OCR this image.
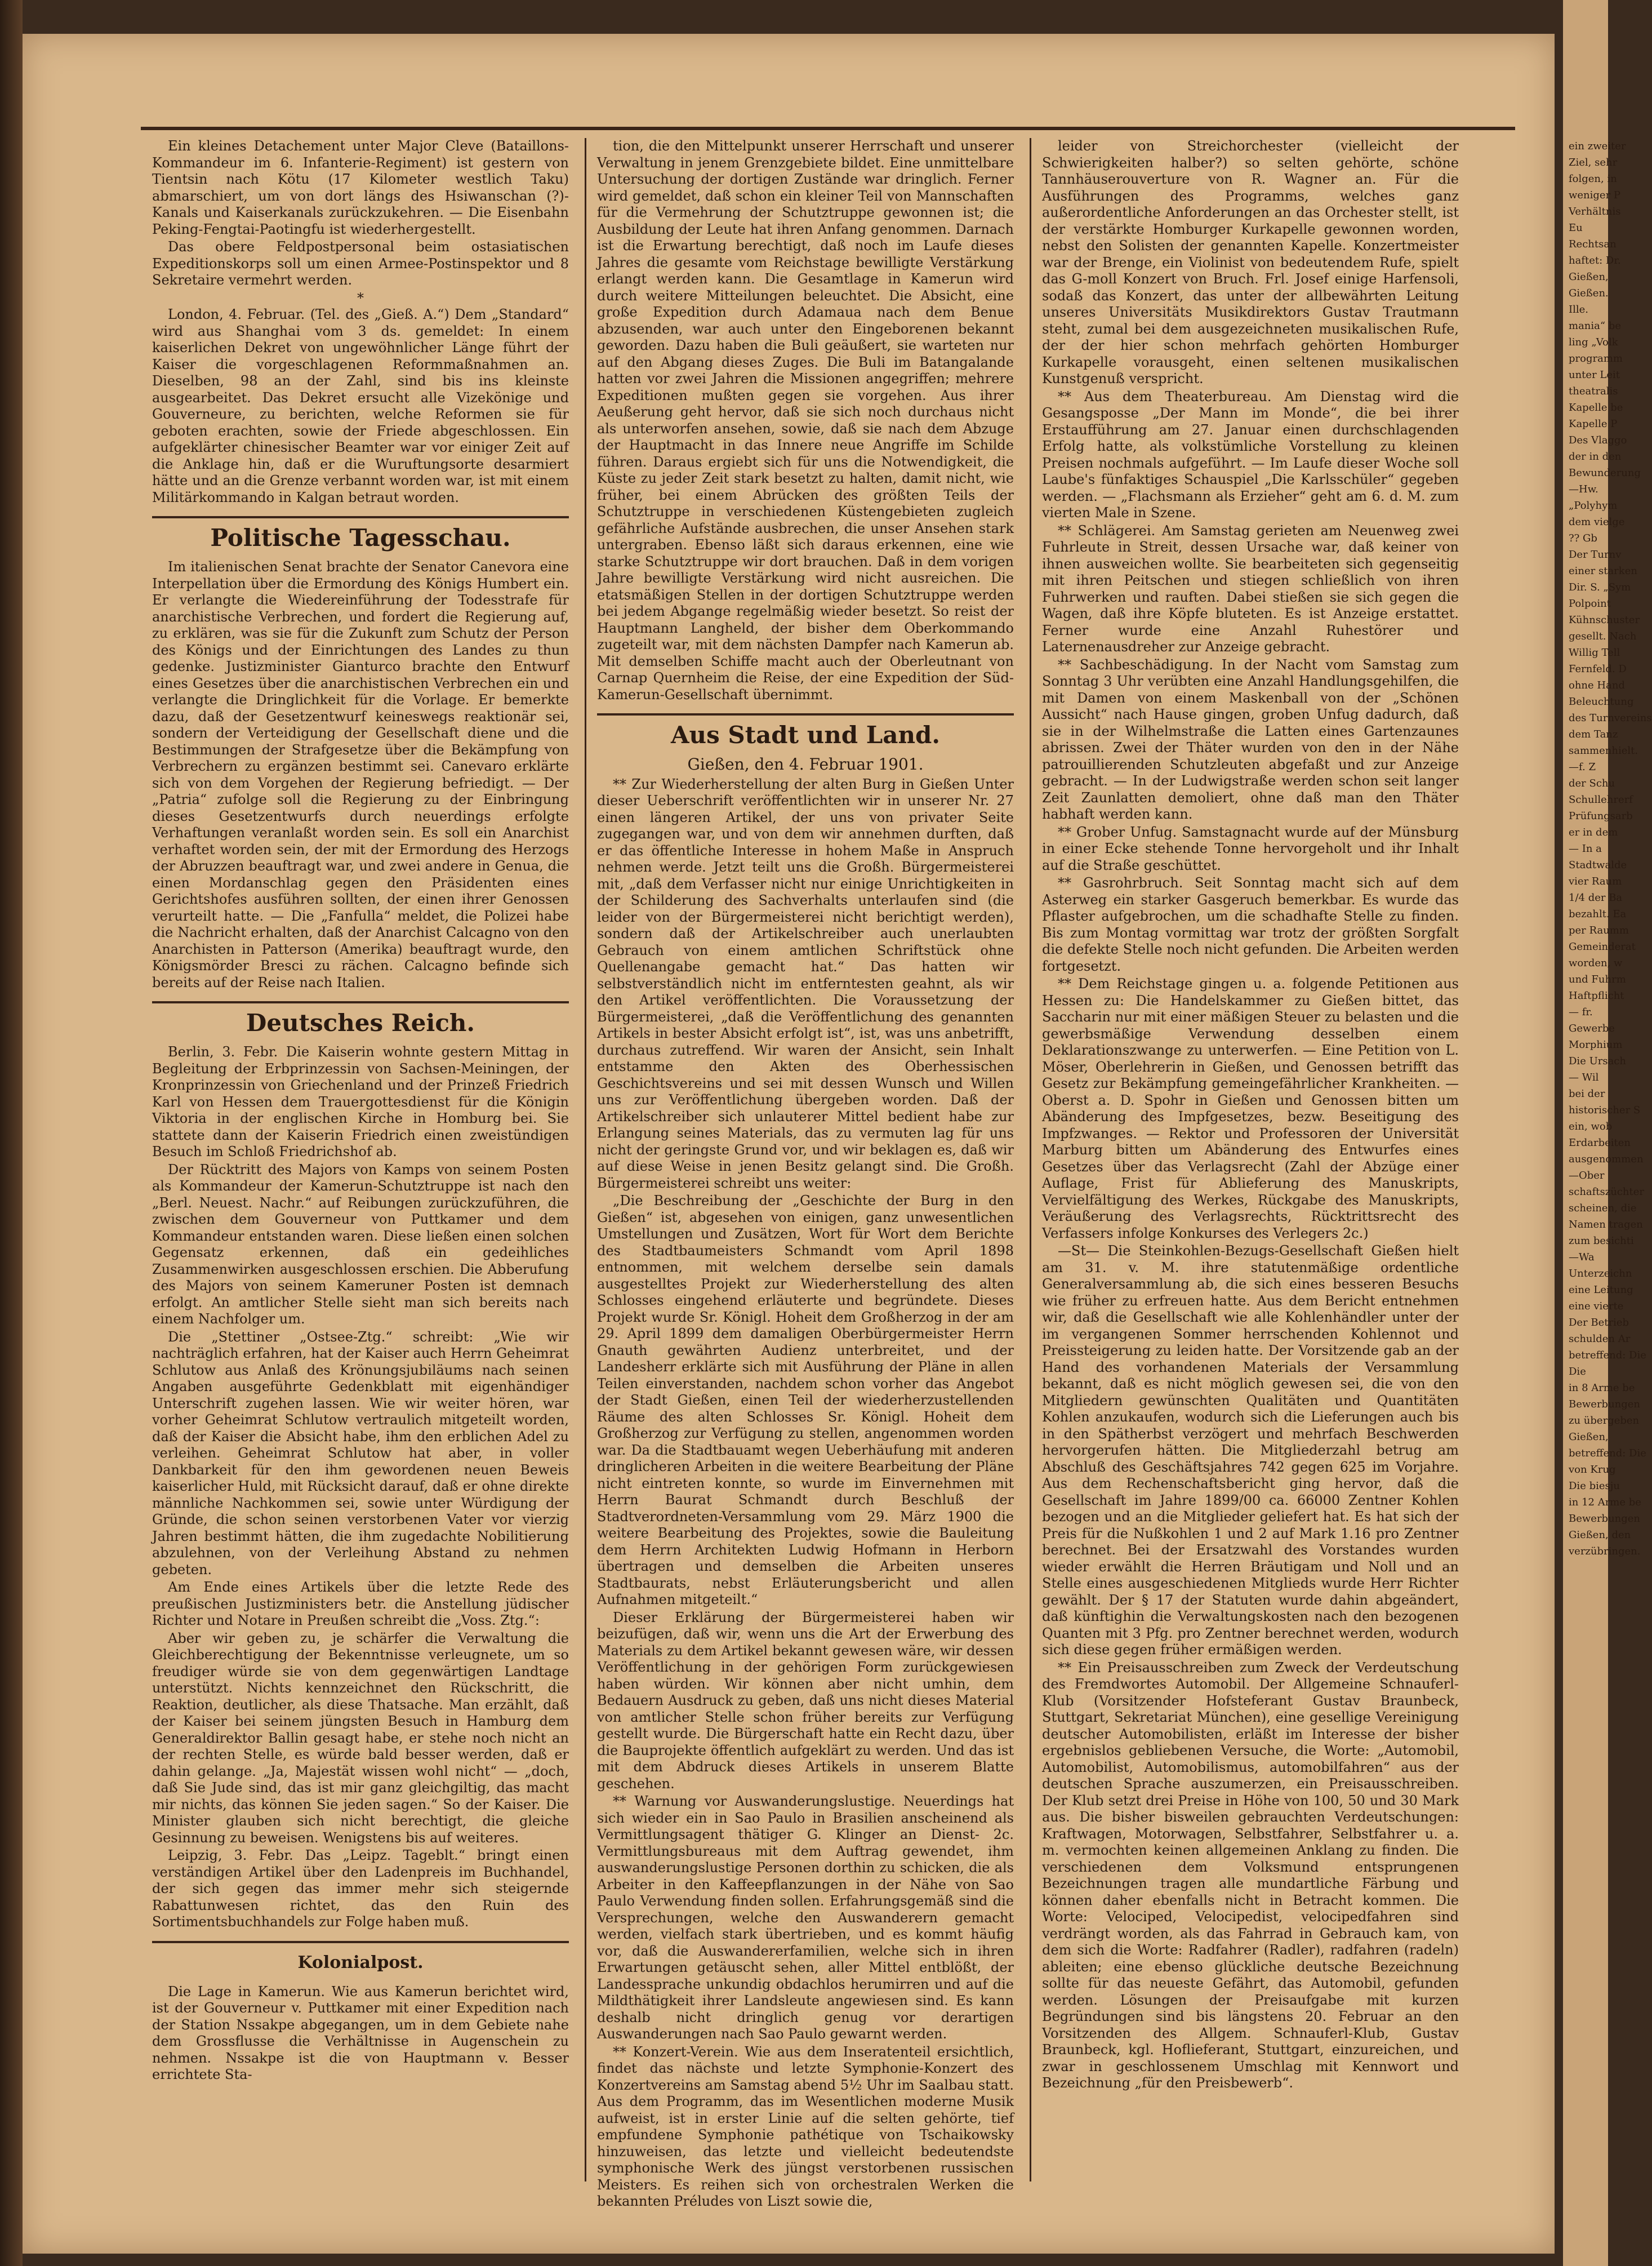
Ein kleines Detachement unter Major Cleve (Bataillons-Kommandeur im 6. Infanterie-Regiment) ist gestern von Tientsin nach Kötu (17 Kilometer westlich Taku) abmarschiert, um von dort längs des Hsiwanschan (?)-Kanals und Kaiserkanals zurückzukehren. — Die Eisenbahn Peking-Fengtai-Paotingfu ist wiederhergestellt.

Das obere Feldpostpersonal beim ostasiatischen Expeditionskorps soll um einen Armee-Postinspektor und 8 Sekretaire vermehrt werden.

*

London, 4. Februar. (Tel. des „Gieß. A.“) Dem „Standard“ wird aus Shanghai vom 3 ds. gemeldet: In einem kaiserlichen Dekret von ungewöhnlicher Länge führt der Kaiser die vorgeschlagenen Reformmaßnahmen an. Dieselben, 98 an der Zahl, sind bis ins kleinste ausgearbeitet. Das Dekret ersucht alle Vizekönige und Gouverneure, zu berichten, welche Reformen sie für geboten erachten, sowie der Friede abgeschlossen. Ein aufgeklärter chinesischer Beamter war vor einiger Zeit auf die Anklage hin, daß er die Wuruftungsorte desarmiert hätte und an die Grenze verbannt worden war, ist mit einem Militärkommando in Kalgan betraut worden.

Politische Tagesschau.

Im italienischen Senat brachte der Senator Canevora eine Interpellation über die Ermordung des Königs Humbert ein. Er verlangte die Wiedereinführung der Todesstrafe für anarchistische Verbrechen, und fordert die Regierung auf, zu erklären, was sie für die Zukunft zum Schutz der Person des Königs und der Einrichtungen des Landes zu thun gedenke. Justizminister Gianturco brachte den Entwurf eines Gesetzes über die anarchistischen Verbrechen ein und verlangte die Dringlichkeit für die Vorlage. Er bemerkte dazu, daß der Gesetzentwurf keineswegs reaktionär sei, sondern der Verteidigung der Gesellschaft diene und die Bestimmungen der Strafgesetze über die Bekämpfung von Verbrechern zu ergänzen bestimmt sei. Canevaro erklärte sich von dem Vorgehen der Regierung befriedigt. — Der „Patria“ zufolge soll die Regierung zu der Einbringung dieses Gesetzentwurfs durch neuerdings erfolgte Verhaftungen veranlaßt worden sein. Es soll ein Anarchist verhaftet worden sein, der mit der Ermordung des Herzogs der Abruzzen beauftragt war, und zwei andere in Genua, die einen Mordanschlag gegen den Präsidenten eines Gerichtshofes ausführen sollten, der einen ihrer Genossen verurteilt hatte. — Die „Fanfulla“ meldet, die Polizei habe die Nachricht erhalten, daß der Anarchist Calcagno von den Anarchisten in Patterson (Amerika) beauftragt wurde, den Königsmörder Bresci zu rächen. Calcagno befinde sich bereits auf der Reise nach Italien.

Deutsches Reich.

Berlin, 3. Febr. Die Kaiserin wohnte gestern Mittag in Begleitung der Erbprinzessin von Sachsen-Meiningen, der Kronprinzessin von Griechenland und der Prinzeß Friedrich Karl von Hessen dem Trauergottesdienst für die Königin Viktoria in der englischen Kirche in Homburg bei. Sie stattete dann der Kaiserin Friedrich einen zweistündigen Besuch im Schloß Friedrichshof ab.

Der Rücktritt des Majors von Kamps von seinem Posten als Kommandeur der Kamerun-Schutztruppe ist nach den „Berl. Neuest. Nachr.“ auf Reibungen zurückzuführen, die zwischen dem Gouverneur von Puttkamer und dem Kommandeur entstanden waren. Diese ließen einen solchen Gegensatz erkennen, daß ein gedeihliches Zusammenwirken ausgeschlossen erschien. Die Abberufung des Majors von seinem Kameruner Posten ist demnach erfolgt. An amtlicher Stelle sieht man sich bereits nach einem Nachfolger um.

Die „Stettiner „Ostsee-Ztg.“ schreibt: „Wie wir nachträglich erfahren, hat der Kaiser auch Herrn Geheimrat Schlutow aus Anlaß des Krönungsjubiläums nach seinen Angaben ausgeführte Gedenkblatt mit eigenhändiger Unterschrift zugehen lassen. Wie wir weiter hören, war vorher Geheimrat Schlutow vertraulich mitgeteilt worden, daß der Kaiser die Absicht habe, ihm den erblichen Adel zu verleihen. Geheimrat Schlutow hat aber, in voller Dankbarkeit für den ihm gewordenen neuen Beweis kaiserlicher Huld, mit Rücksicht darauf, daß er ohne direkte männliche Nachkommen sei, sowie unter Würdigung der Gründe, die schon seinen verstorbenen Vater vor vierzig Jahren bestimmt hätten, die ihm zugedachte Nobilitierung abzulehnen, von der Verleihung Abstand zu nehmen gebeten.

Am Ende eines Artikels über die letzte Rede des preußischen Justizministers betr. die Anstellung jüdischer Richter und Notare in Preußen schreibt die „Voss. Ztg.“:

Aber wir geben zu, je schärfer die Verwaltung die Gleichberechtigung der Bekenntnisse verleugnete, um so freudiger würde sie von dem gegenwärtigen Landtage unterstützt. Nichts kennzeichnet den Rückschritt, die Reaktion, deutlicher, als diese Thatsache. Man erzählt, daß der Kaiser bei seinem jüngsten Besuch in Hamburg dem Generaldirektor Ballin gesagt habe, er stehe noch nicht an der rechten Stelle, es würde bald besser werden, daß er dahin gelange. „Ja, Majestät wissen wohl nicht“ — „doch, daß Sie Jude sind, das ist mir ganz gleichgiltig, das macht mir nichts, das können Sie jeden sagen.“ So der Kaiser. Die Minister glauben sich nicht berechtigt, die gleiche Gesinnung zu beweisen. Wenigstens bis auf weiteres.

Leipzig, 3. Febr. Das „Leipz. Tageblt.“ bringt einen verständigen Artikel über den Ladenpreis im Buchhandel, der sich gegen das immer mehr sich steigernde Rabattunwesen richtet, das den Ruin des Sortimentsbuchhandels zur Folge haben muß.

Kolonialpost.

Die Lage in Kamerun. Wie aus Kamerun berichtet wird, ist der Gouverneur v. Puttkamer mit einer Expedition nach der Station Nssakpe abgegangen, um in dem Gebiete nahe dem Grossflusse die Verhältnisse in Augenschein zu nehmen. Nssakpe ist die von Hauptmann v. Besser errichtete Sta-

tion, die den Mittelpunkt unserer Herrschaft und unserer Verwaltung in jenem Grenzgebiete bildet. Eine unmittelbare Untersuchung der dortigen Zustände war dringlich. Ferner wird gemeldet, daß schon ein kleiner Teil von Mannschaften für die Vermehrung der Schutztruppe gewonnen ist; die Ausbildung der Leute hat ihren Anfang genommen. Darnach ist die Erwartung berechtigt, daß noch im Laufe dieses Jahres die gesamte vom Reichstage bewilligte Verstärkung erlangt werden kann. Die Gesamtlage in Kamerun wird durch weitere Mitteilungen beleuchtet. Die Absicht, eine große Expedition durch Adamaua nach dem Benue abzusenden, war auch unter den Eingeborenen bekannt geworden. Dazu haben die Buli geäußert, sie warteten nur auf den Abgang dieses Zuges. Die Buli im Batangalande hatten vor zwei Jahren die Missionen angegriffen; mehrere Expeditionen mußten gegen sie vorgehen. Aus ihrer Aeußerung geht hervor, daß sie sich noch durchaus nicht als unterworfen ansehen, sowie, daß sie nach dem Abzuge der Hauptmacht in das Innere neue Angriffe im Schilde führen. Daraus ergiebt sich für uns die Notwendigkeit, die Küste zu jeder Zeit stark besetzt zu halten, damit nicht, wie früher, bei einem Abrücken des größten Teils der Schutztruppe in verschiedenen Küstengebieten zugleich gefährliche Aufstände ausbrechen, die unser Ansehen stark untergraben. Ebenso läßt sich daraus erkennen, eine wie starke Schutztruppe wir dort brauchen. Daß in dem vorigen Jahre bewilligte Verstärkung wird nicht ausreichen. Die etatsmäßigen Stellen in der dortigen Schutztruppe werden bei jedem Abgange regelmäßig wieder besetzt. So reist der Hauptmann Langheld, der bisher dem Oberkommando zugeteilt war, mit dem nächsten Dampfer nach Kamerun ab. Mit demselben Schiffe macht auch der Oberleutnant von Carnap Quernheim die Reise, der eine Expedition der Süd-Kamerun-Gesellschaft übernimmt.

Aus Stadt und Land.
Gießen, den 4. Februar 1901.

** Zur Wiederherstellung der alten Burg in Gießen Unter dieser Ueberschrift veröffentlichten wir in unserer Nr. 27 einen längeren Artikel, der uns von privater Seite zugegangen war, und von dem wir annehmen durften, daß er das öffentliche Interesse in hohem Maße in Anspruch nehmen werde. Jetzt teilt uns die Großh. Bürgermeisterei mit, „daß dem Verfasser nicht nur einige Unrichtigkeiten in der Schilderung des Sachverhalts unterlaufen sind (die leider von der Bürgermeisterei nicht berichtigt werden), sondern daß der Artikelschreiber auch unerlaubten Gebrauch von einem amtlichen Schriftstück ohne Quellenangabe gemacht hat.“ Das hatten wir selbstverständlich nicht im entferntesten geahnt, als wir den Artikel veröffentlichten. Die Voraussetzung der Bürgermeisterei, „daß die Veröffentlichung des genannten Artikels in bester Absicht erfolgt ist“, ist, was uns anbetrifft, durchaus zutreffend. Wir waren der Ansicht, sein Inhalt entstamme den Akten des Oberhessischen Geschichtsvereins und sei mit dessen Wunsch und Willen uns zur Veröffentlichung übergeben worden. Daß der Artikelschreiber sich unlauterer Mittel bedient habe zur Erlangung seines Materials, das zu vermuten lag für uns nicht der geringste Grund vor, und wir beklagen es, daß wir auf diese Weise in jenen Besitz gelangt sind. Die Großh. Bürgermeisterei schreibt uns weiter:

„Die Beschreibung der „Geschichte der Burg in den Gießen“ ist, abgesehen von einigen, ganz unwesentlichen Umstellungen und Zusätzen, Wort für Wort dem Berichte des Stadtbaumeisters Schmandt vom April 1898 entnommen, mit welchem derselbe sein damals ausgestelltes Projekt zur Wiederherstellung des alten Schlosses eingehend erläuterte und begründete. Dieses Projekt wurde Sr. Königl. Hoheit dem Großherzog in der am 29. April 1899 dem damaligen Oberbürgermeister Herrn Gnauth gewährten Audienz unterbreitet, und der Landesherr erklärte sich mit Ausführung der Pläne in allen Teilen einverstanden, nachdem schon vorher das Angebot der Stadt Gießen, einen Teil der wiederherzustellenden Räume des alten Schlosses Sr. Königl. Hoheit dem Großherzog zur Verfügung zu stellen, angenommen worden war. Da die Stadtbauamt wegen Ueberhäufung mit anderen dringlicheren Arbeiten in die weitere Bearbeitung der Pläne nicht eintreten konnte, so wurde im Einvernehmen mit Herrn Baurat Schmandt durch Beschluß der Stadtverordneten-Versammlung vom 29. März 1900 die weitere Bearbeitung des Projektes, sowie die Bauleitung dem Herrn Architekten Ludwig Hofmann in Herborn übertragen und demselben die Arbeiten unseres Stadtbaurats, nebst Erläuterungsbericht und allen Aufnahmen mitgeteilt.“

Dieser Erklärung der Bürgermeisterei haben wir beizufügen, daß wir, wenn uns die Art der Erwerbung des Materials zu dem Artikel bekannt gewesen wäre, wir dessen Veröffentlichung in der gehörigen Form zurückgewiesen haben würden. Wir können aber nicht umhin, dem Bedauern Ausdruck zu geben, daß uns nicht dieses Material von amtlicher Stelle schon früher bereits zur Verfügung gestellt wurde. Die Bürgerschaft hatte ein Recht dazu, über die Bauprojekte öffentlich aufgeklärt zu werden. Und das ist mit dem Abdruck dieses Artikels in unserem Blatte geschehen.

** Warnung vor Auswanderungslustige. Neuerdings hat sich wieder ein in Sao Paulo in Brasilien anscheinend als Vermittlungsagent thätiger G. Klinger an Dienst- 2c. Vermittlungsbureaus mit dem Auftrag gewendet, ihm auswanderungslustige Personen dorthin zu schicken, die als Arbeiter in den Kaffeepflanzungen in der Nähe von Sao Paulo Verwendung finden sollen. Erfahrungsgemäß sind die Versprechungen, welche den Auswanderern gemacht werden, vielfach stark übertrieben, und es kommt häufig vor, daß die Auswandererfamilien, welche sich in ihren Erwartungen getäuscht sehen, aller Mittel entblößt, der Landessprache unkundig obdachlos herumirren und auf die Mildthätigkeit ihrer Landsleute angewiesen sind. Es kann deshalb nicht dringlich genug vor derartigen Auswanderungen nach Sao Paulo gewarnt werden.

** Konzert-Verein. Wie aus dem Inseratenteil ersichtlich, findet das nächste und letzte Symphonie-Konzert des Konzertvereins am Samstag abend 5½ Uhr im Saalbau statt. Aus dem Programm, das im Wesentlichen moderne Musik aufweist, ist in erster Linie auf die selten gehörte, tief empfundene Symphonie pathétique von Tschaikowsky hinzuweisen, das letzte und vielleicht bedeutendste symphonische Werk des jüngst verstorbenen russischen Meisters. Es reihen sich von orchestralen Werken die bekannten Préludes von Liszt sowie die,

leider von Streichorchester (vielleicht der Schwierigkeiten halber?) so selten gehörte, schöne Tannhäuserouverture von R. Wagner an. Für die Ausführungen des Programms, welches ganz außerordentliche Anforderungen an das Orchester stellt, ist der verstärkte Homburger Kurkapelle gewonnen worden, nebst den Solisten der genannten Kapelle. Konzertmeister war der Brenge, ein Violinist von bedeutendem Rufe, spielt das G-moll Konzert von Bruch. Frl. Josef einige Harfensoli, sodaß das Konzert, das unter der allbewährten Leitung unseres Universitäts Musikdirektors Gustav Trautmann steht, zumal bei dem ausgezeichneten musikalischen Rufe, der der hier schon mehrfach gehörten Homburger Kurkapelle vorausgeht, einen seltenen musikalischen Kunstgenuß verspricht.

** Aus dem Theaterbureau. Am Dienstag wird die Gesangsposse „Der Mann im Monde“, die bei ihrer Erstaufführung am 27. Januar einen durchschlagenden Erfolg hatte, als volkstümliche Vorstellung zu kleinen Preisen nochmals aufgeführt. — Im Laufe dieser Woche soll Laube's fünfaktiges Schauspiel „Die Karlsschüler“ gegeben werden. — „Flachsmann als Erzieher“ geht am 6. d. M. zum vierten Male in Szene.

** Schlägerei. Am Samstag gerieten am Neuenweg zwei Fuhrleute in Streit, dessen Ursache war, daß keiner von ihnen ausweichen wollte. Sie bearbeiteten sich gegenseitig mit ihren Peitschen und stiegen schließlich von ihren Fuhrwerken und rauften. Dabei stießen sie sich gegen die Wagen, daß ihre Köpfe bluteten. Es ist Anzeige erstattet. Ferner wurde eine Anzahl Ruhestörer und Laternenausdreher zur Anzeige gebracht.

** Sachbeschädigung. In der Nacht vom Samstag zum Sonntag 3 Uhr verübten eine Anzahl Handlungsgehilfen, die mit Damen von einem Maskenball von der „Schönen Aussicht“ nach Hause gingen, groben Unfug dadurch, daß sie in der Wilhelmstraße die Latten eines Gartenzaunes abrissen. Zwei der Thäter wurden von den in der Nähe patrouillierenden Schutzleuten abgefaßt und zur Anzeige gebracht. — In der Ludwigstraße werden schon seit langer Zeit Zaunlatten demoliert, ohne daß man den Thäter habhaft werden kann.

** Grober Unfug. Samstagnacht wurde auf der Münsburg in einer Ecke stehende Tonne hervorgeholt und ihr Inhalt auf die Straße geschüttet.

** Gasrohrbruch. Seit Sonntag macht sich auf dem Asterweg ein starker Gasgeruch bemerkbar. Es wurde das Pflaster aufgebrochen, um die schadhafte Stelle zu finden. Bis zum Montag vormittag war trotz der größten Sorgfalt die defekte Stelle noch nicht gefunden. Die Arbeiten werden fortgesetzt.

** Dem Reichstage gingen u. a. folgende Petitionen aus Hessen zu: Die Handelskammer zu Gießen bittet, das Saccharin nur mit einer mäßigen Steuer zu belasten und die gewerbsmäßige Verwendung desselben einem Deklarationszwange zu unterwerfen. — Eine Petition von L. Möser, Oberlehrerin in Gießen, und Genossen betrifft das Gesetz zur Bekämpfung gemeingefährlicher Krankheiten. — Oberst a. D. Spohr in Gießen und Genossen bitten um Abänderung des Impfgesetzes, bezw. Beseitigung des Impfzwanges. — Rektor und Professoren der Universität Marburg bitten um Abänderung des Entwurfes eines Gesetzes über das Verlagsrecht (Zahl der Abzüge einer Auflage, Frist für Ablieferung des Manuskripts, Vervielfältigung des Werkes, Rückgabe des Manuskripts, Veräußerung des Verlagsrechts, Rücktrittsrecht des Verfassers infolge Konkurses des Verlegers 2c.)

—St— Die Steinkohlen-Bezugs-Gesellschaft Gießen hielt am 31. v. M. ihre statutenmäßige ordentliche Generalversammlung ab, die sich eines besseren Besuchs wie früher zu erfreuen hatte. Aus dem Bericht entnehmen wir, daß die Gesellschaft wie alle Kohlenhändler unter der im vergangenen Sommer herrschenden Kohlennot und Preissteigerung zu leiden hatte. Der Vorsitzende gab an der Hand des vorhandenen Materials der Versammlung bekannt, daß es nicht möglich gewesen sei, die von den Mitgliedern gewünschten Qualitäten und Quantitäten Kohlen anzukaufen, wodurch sich die Lieferungen auch bis in den Spätherbst verzögert und mehrfach Beschwerden hervorgerufen hätten. Die Mitgliederzahl betrug am Abschluß des Geschäftsjahres 742 gegen 625 im Vorjahre. Aus dem Rechenschaftsbericht ging hervor, daß die Gesellschaft im Jahre 1899/00 ca. 66000 Zentner Kohlen bezogen und an die Mitglieder geliefert hat. Es hat sich der Preis für die Nußkohlen 1 und 2 auf Mark 1.16 pro Zentner berechnet. Bei der Ersatzwahl des Vorstandes wurden wieder erwählt die Herren Bräutigam und Noll und an Stelle eines ausgeschiedenen Mitglieds wurde Herr Richter gewählt. Der § 17 der Statuten wurde dahin abgeändert, daß künftighin die Verwaltungskosten nach den bezogenen Quanten mit 3 Pfg. pro Zentner berechnet werden, wodurch sich diese gegen früher ermäßigen werden.

** Ein Preisausschreiben zum Zweck der Verdeutschung des Fremdwortes Automobil. Der Allgemeine Schnauferl-Klub (Vorsitzender Hofsteferant Gustav Braunbeck, Stuttgart, Sekretariat München), eine gesellige Vereinigung deutscher Automobilisten, erläßt im Interesse der bisher ergebnislos gebliebenen Versuche, die Worte: „Automobil, Automobilist, Automobilismus, automobilfahren“ aus der deutschen Sprache auszumerzen, ein Preisausschreiben. Der Klub setzt drei Preise in Höhe von 100, 50 und 30 Mark aus. Die bisher bisweilen gebrauchten Verdeutschungen: Kraftwagen, Motorwagen, Selbstfahrer, Selbstfahrer u. a. m. vermochten keinen allgemeinen Anklang zu finden. Die verschiedenen dem Volksmund entsprungenen Bezeichnungen tragen alle mundartliche Färbung und können daher ebenfalls nicht in Betracht kommen. Die Worte: Velociped, Velocipedist, velocipedfahren sind verdrängt worden, als das Fahrrad in Gebrauch kam, von dem sich die Worte: Radfahrer (Radler), radfahren (radeln) ableiten; eine ebenso glückliche deutsche Bezeichnung sollte für das neueste Gefährt, das Automobil, gefunden werden. Lösungen der Preisaufgabe mit kurzen Begründungen sind bis längstens 20. Februar an den Vorsitzenden des Allgem. Schnauferl-Klub, Gustav Braunbeck, kgl. Hoflieferant, Stuttgart, einzureichen, und zwar in geschlossenem Umschlag mit Kennwort und Bezeichnung „für den Preisbewerb“.

ein zweiter
Ziel, sehr
folgen, in
weniger P
Verhältnis
Eu
Rechtsan
haftet: Dr.
Gießen,
Gießen.
Ille.
mania“ be
ling „Volk
programm
unter Leit
theatralis
Kapelle be
Kapelle P
Des Vlaggo
der in den
Bewunderung
—Hw.
„Polyhym
dem vielge
?? Gb
Der Turnv
einer starken
Dir. S. „Sym
Polpoint
Kühnschuster
gesellt. Nach
Willig Tell
Fernfeld. D
ohne Hand
Beleuchtung
des Turnvereins
dem Tanz
sammenhielt.
—f. Z
der Schu
Schullehrerf
Prüfungsarb
er in dem
— In a
Stadtwalde
vier Raum
1/4 der Ba
bezahlt. Ea
per Raumm
Gemeinderat
worden, w
und Fuhrm
Haftpflicht
— fr.
Gewerbe
Morphium
Die Ursach
— Wil
bei der
historischer S
ein, wob
Erdarbeiten
ausgenommen
—Ober
schaftszüchter
scheinen, die
Namen tragen
zum besichti
—Wa
Unterzeichn
eine Leitung
eine vierte
Der Betrieb
schulden Ar
betreffend: Die
Die
in 8 Arme be
Bewerbungen
zu übergeben
Gießen,
betreffend: Die
von Krug
Die biesju
in 12 Arme be
Bewerbungen
Gießen, den
verzübringen.
